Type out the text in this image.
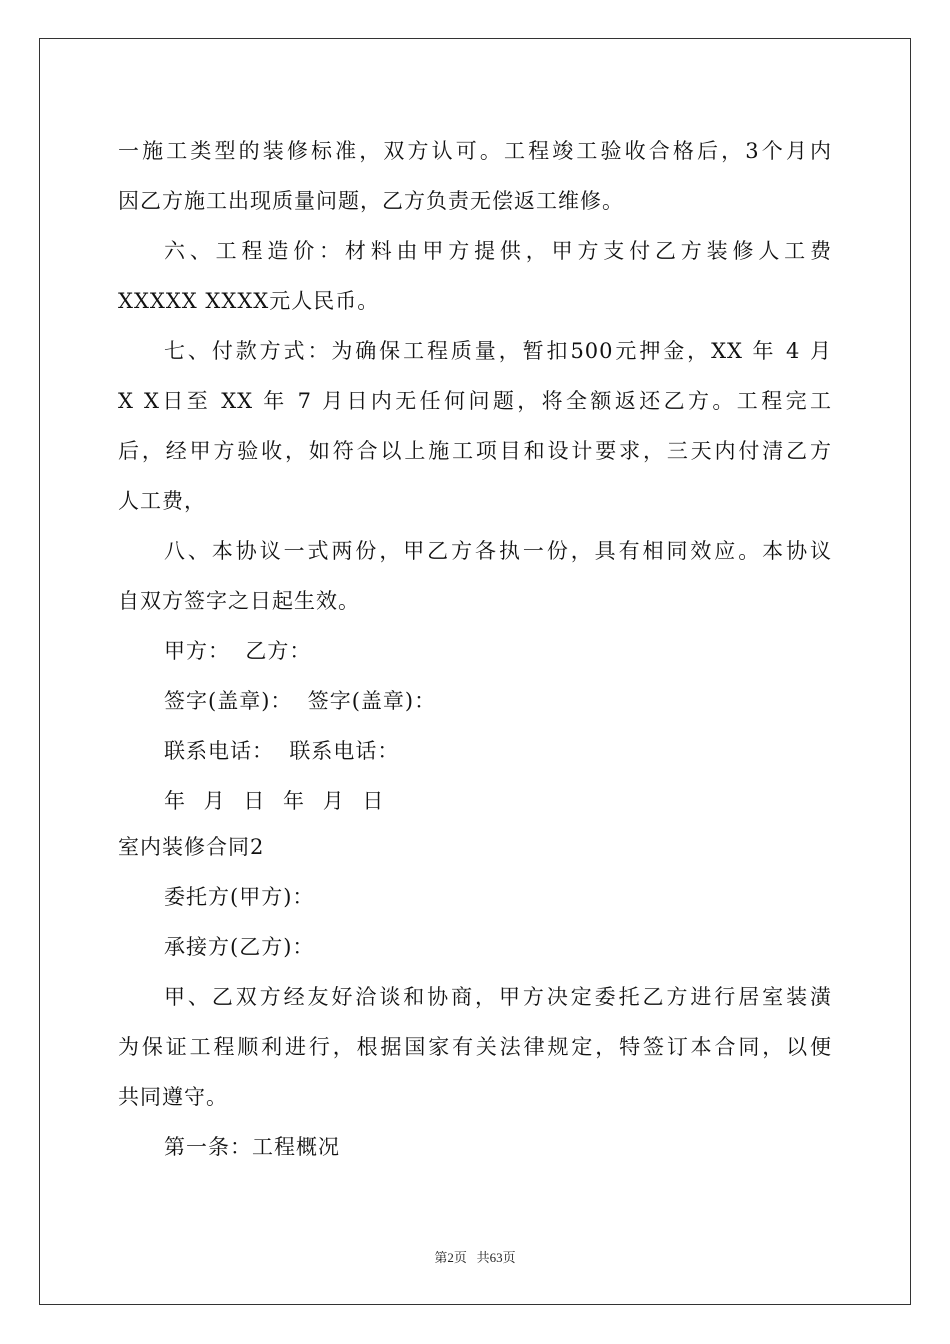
一施工类型的装修标准，双方认可。工程竣工验收合格后，3个月内
因乙方施工出现质量问题，乙方负责无偿返工维修。
六、工程造价：材料由甲方提供，甲方支付乙方装修人工费
XXXXX XXXX元人民币。
七、付款方式：为确保工程质量，暂扣500元押金，XX 年 4 月
X X日至 XX 年 7 月日内无任何问题，将全额返还乙方。工程完工
后，经甲方验收，如符合以上施工项目和设计要求，三天内付清乙方
人工费，
八、本协议一式两份，甲乙方各执一份，具有相同效应。本协议
自双方签字之日起生效。
甲方：  乙方：
签字(盖章)：  签字(盖章)：
联系电话：  联系电话：
年 月 日 年 月 日
室内装修合同2
委托方(甲方)：
承接方(乙方)：
甲、乙双方经友好洽谈和协商，甲方决定委托乙方进行居室装潢
为保证工程顺利进行，根据国家有关法律规定，特签订本合同，以便
共同遵守。
第一条：工程概况
第2页   共63页
